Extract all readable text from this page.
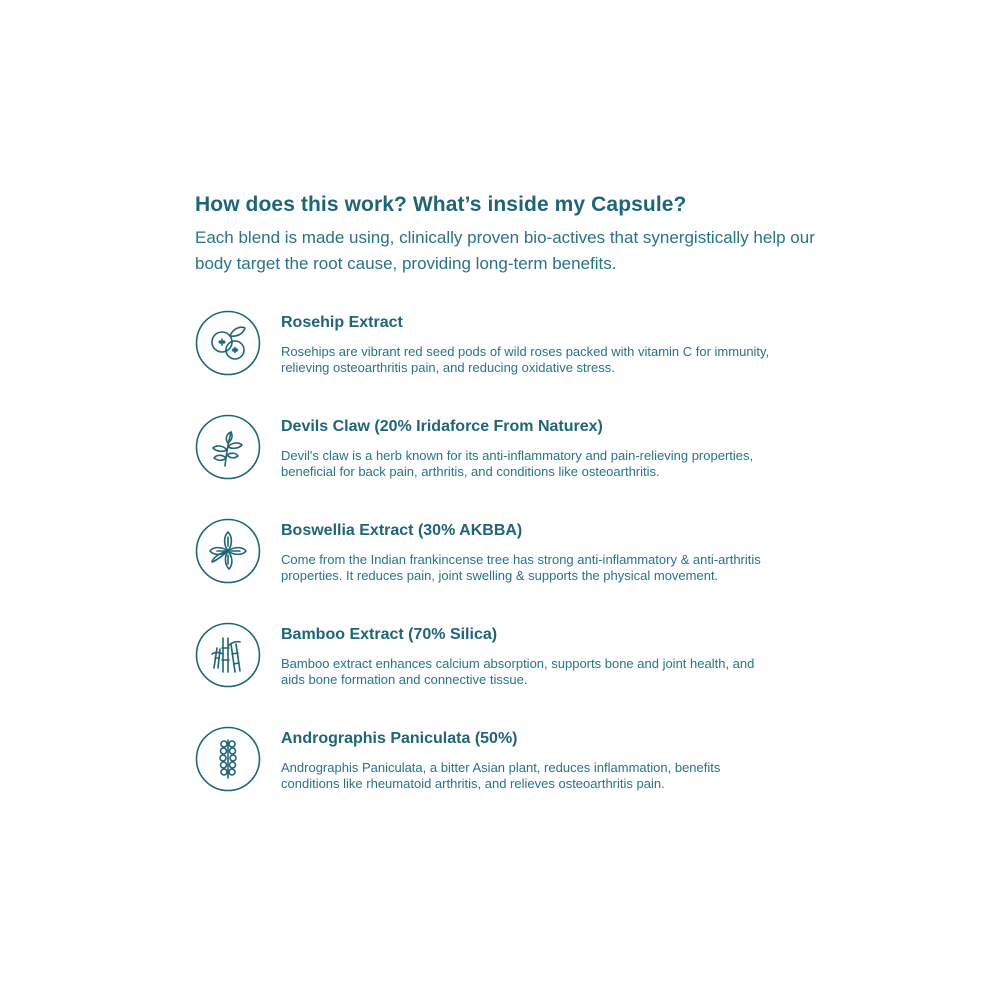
How does this work? What’s inside my Capsule?

Each blend is made using, clinically proven bio-actives that synergistically help our body target the root cause, providing long-term benefits.

Rosehip Extract

Rosehips are vibrant red seed pods of wild roses packed with vitamin C for immunity, relieving osteoarthritis pain, and reducing oxidative stress.

Devils Claw (20% Iridaforce From Naturex)

Devil's claw is a herb known for its anti-inflammatory and pain-relieving properties, beneficial for back pain, arthritis, and conditions like osteoarthritis.

Boswellia Extract (30% AKBBA)

Come from the Indian frankincense tree has strong anti-inflammatory & anti-arthritis properties. It reduces pain, joint swelling & supports the physical movement.

Bamboo Extract (70% Silica)

Bamboo extract enhances calcium absorption, supports bone and joint health, and aids bone formation and connective tissue.

Andrographis Paniculata (50%)

Andrographis Paniculata, a bitter Asian plant, reduces inflammation, benefits conditions like rheumatoid arthritis, and relieves osteoarthritis pain.
